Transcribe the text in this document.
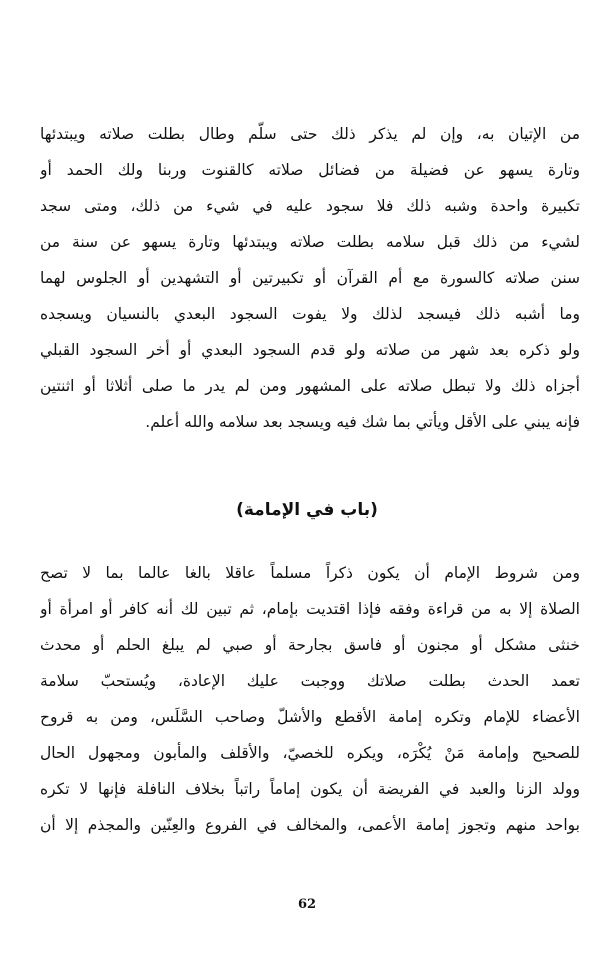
من الإتيان به، وإن لم يذكر ذلك حتى سلّم وطال بطلت صلاته ويبتدئها
وتارة يسهو عن فضيلة من فضائل صلاته كالقنوت وربنا ولك الحمد أو
تكبيرة واحدة وشبه ذلك فلا سجود عليه في شيء من ذلك، ومتى سجد
لشيء من ذلك قبل سلامه بطلت صلاته ويبتدئها وتارة يسهو عن سنة من
سنن صلاته كالسورة مع أم القرآن أو تكبيرتين أو التشهدين أو الجلوس لهما
وما أشبه ذلك فيسجد لذلك ولا يفوت السجود البعدي بالنسيان ويسجده
ولو ذكره بعد شهر من صلاته ولو قدم السجود البعدي أو أخر السجود القبلي
أجزاه ذلك ولا تبطل صلاته على المشهور ومن لم يدر ما صلى أثلاثا أو اثنتين
فإنه يبني على الأقل ويأتي بما شك فيه ويسجد بعد سلامه والله أعلم.
(باب في الإمامة)
ومن شروط الإمام أن يكون ذكراً مسلماً عاقلا بالغا عالما بما لا تصح
الصلاة إلا به من قراءة وفقه فإذا اقتديت بإمام، ثم تبين لك أنه كافر أو امرأة أو
خنثى مشكل أو مجنون أو فاسق بجارحة أو صبي لم يبلغ الحلم أو محدث
تعمد الحدث بطلت صلاتك ووجبت عليك الإعادة، ويُستحبّ سلامة
الأعضاء للإمام وتكره إمامة الأقطع والأشلّ وصاحب السَّلَس، ومن به قروح
للصحيح وإمامة مَنْ يُكْرَه، ويكره للخصيّ، والأقلف والمأبون ومجهول الحال
وولد الزنا والعبد في الفريضة أن يكون إماماً راتباً بخلاف النافلة فإنها لا تكره
بواحد منهم وتجوز إمامة الأعمى، والمخالف في الفروع والعِنّين والمجذم إلا أن
62
